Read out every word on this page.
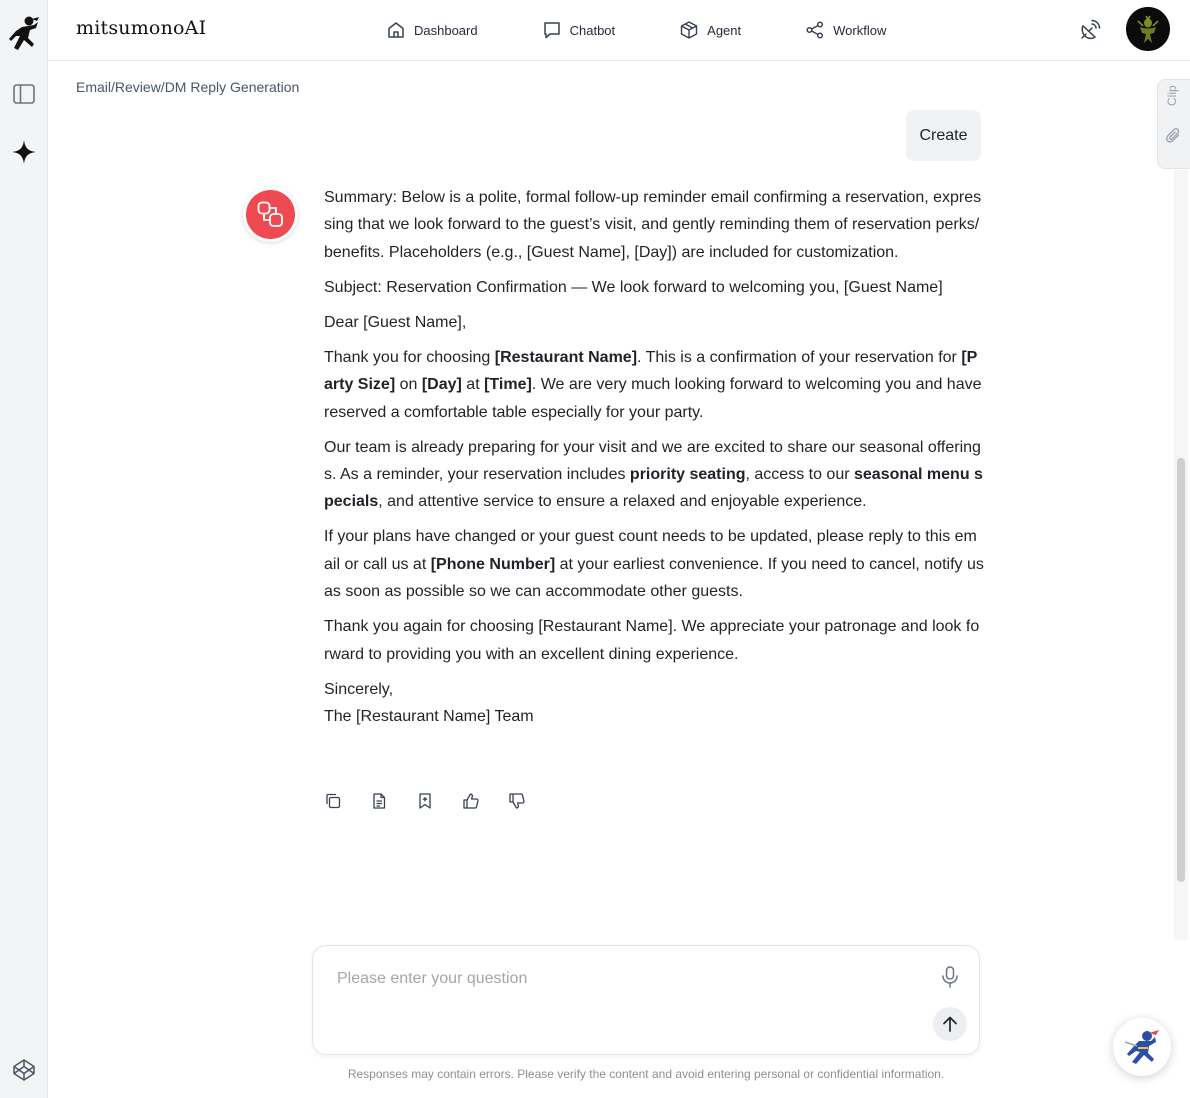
mitsumonoAI	Dashboard	Chatbot	Agent	Workflow
Email/Review/DM Reply Generation	Clip
Create

Summary: Below is a polite, formal follow-up reminder email confirming a reservation, expressing that we look forward to the guest’s visit, and gently reminding them of reservation perks/benefits. Placeholders (e.g., [Guest Name], [Day]) are included for customization.

Subject: Reservation Confirmation — We look forward to welcoming you, [Guest Name]

Dear [Guest Name],

Thank you for choosing [Restaurant Name]. This is a confirmation of your reservation for [Party Size] on [Day] at [Time]. We are very much looking forward to welcoming you and have reserved a comfortable table especially for your party.

Our team is already preparing for your visit and we are excited to share our seasonal offerings. As a reminder, your reservation includes priority seating, access to our seasonal menu specials, and attentive service to ensure a relaxed and enjoyable experience.

If your plans have changed or your guest count needs to be updated, please reply to this email or call us at [Phone Number] at your earliest convenience. If you need to cancel, notify us as soon as possible so we can accommodate other guests.

Thank you again for choosing [Restaurant Name]. We appreciate your patronage and look forward to providing you with an excellent dining experience.

Sincerely,
The [Restaurant Name] Team

Please enter your question
Responses may contain errors. Please verify the content and avoid entering personal or confidential information.
